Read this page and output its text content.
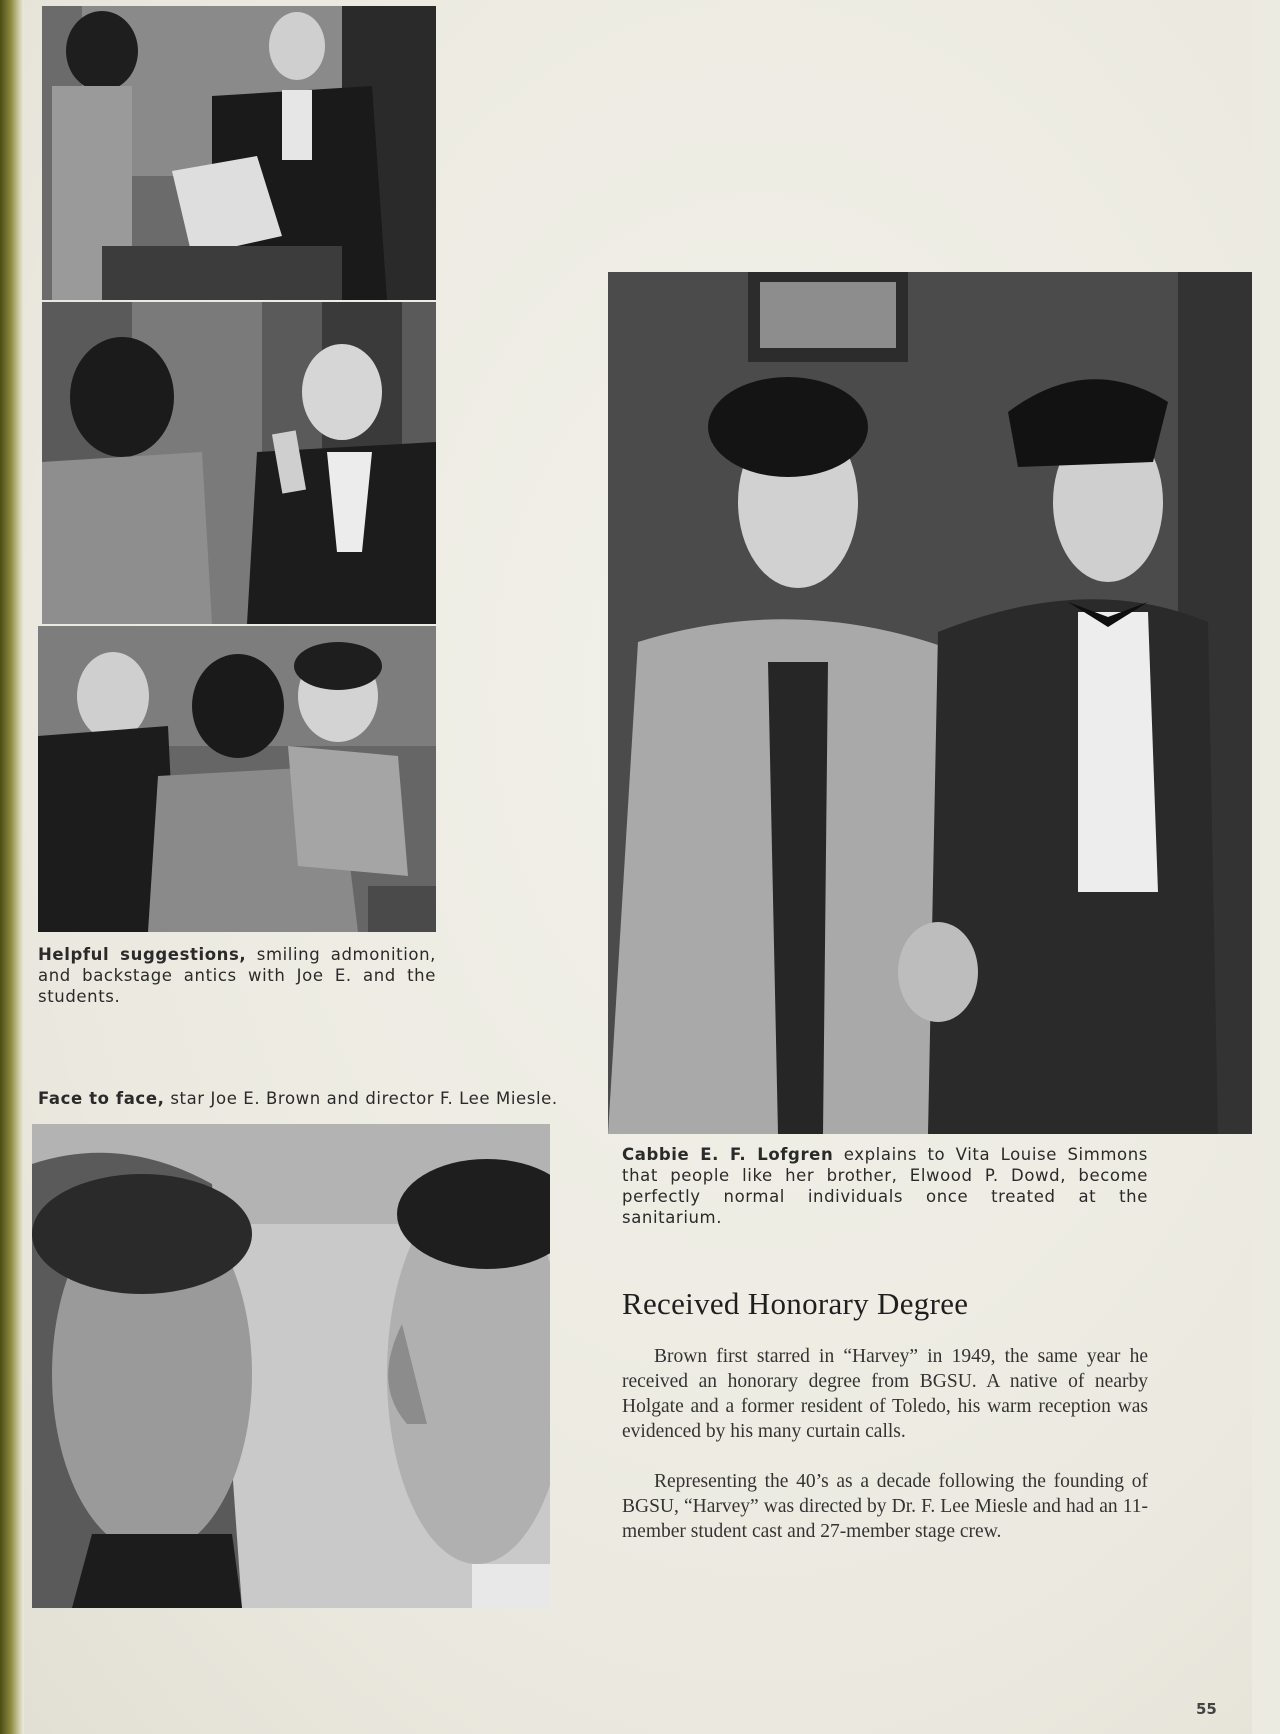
Helpful suggestions, smiling admonition, and backstage antics with Joe E. and the students.
Face to face, star Joe E. Brown and director F. Lee Miesle.
Cabbie E. F. Lofgren explains to Vita Louise Simmons that people like her brother, Elwood P. Dowd, become perfectly normal individuals once treated at the sanitarium.
Received Honorary Degree

Brown first starred in “Harvey” in 1949, the same year he received an honorary degree from BGSU. A native of nearby Holgate and a former resident of Toledo, his warm reception was evidenced by his many curtain calls.

Representing the 40’s as a decade following the founding of BGSU, “Harvey” was directed by Dr. F. Lee Miesle and had an 11-member student cast and 27-member stage crew.

55
